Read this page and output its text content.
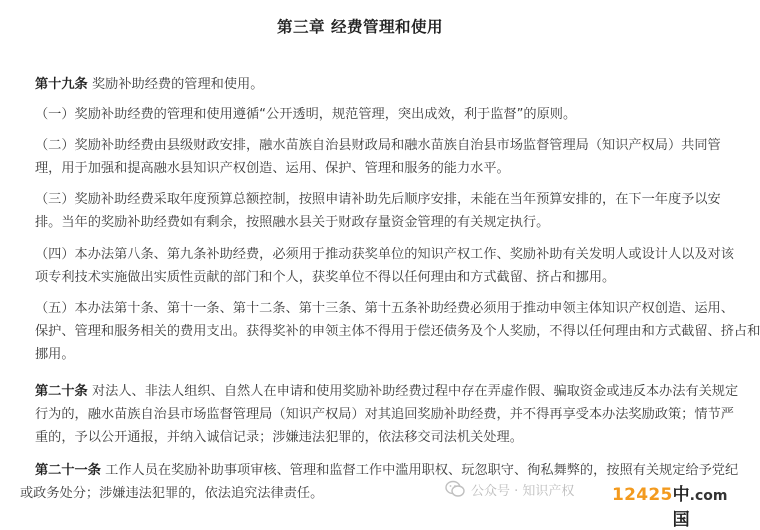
第三章 经费管理和使用
第十九条 奖励补助经费的管理和使用。
（一）奖励补助经费的管理和使用遵循“公开透明，规范管理，突出成效，利于监督”的原则。
（二）奖励补助经费由县级财政安排，融水苗族自治县财政局和融水苗族自治县市场监督管理局（知识产权局）共同管
理，用于加强和提高融水县知识产权创造、运用、保护、管理和服务的能力水平。
（三）奖励补助经费采取年度预算总额控制，按照申请补助先后顺序安排，未能在当年预算安排的，在下一年度予以安
排。当年的奖励补助经费如有剩余，按照融水县关于财政存量资金管理的有关规定执行。
（四）本办法第八条、第九条补助经费，必须用于推动获奖单位的知识产权工作、奖励补助有关发明人或设计人以及对该
项专利技术实施做出实质性贡献的部门和个人，获奖单位不得以任何理由和方式截留、挤占和挪用。
（五）本办法第十条、第十一条、第十二条、第十三条、第十五条补助经费必须用于推动申领主体知识产权创造、运用、
保护、管理和服务相关的费用支出。获得奖补的申领主体不得用于偿还债务及个人奖励，不得以任何理由和方式截留、挤占和
挪用。
第二十条 对法人、非法人组织、自然人在申请和使用奖励补助经费过程中存在弄虚作假、骗取资金或违反本办法有关规定
行为的，融水苗族自治县市场监督管理局（知识产权局）对其追回奖励补助经费，并不得再享受本办法奖励政策；情节严
重的，予以公开通报，并纳入诚信记录；涉嫌违法犯罪的，依法移交司法机关处理。
第二十一条 工作人员在奖励补助事项审核、管理和监督工作中滥用职权、玩忽职守、徇私舞弊的，按照有关规定给予党纪
或政务处分；涉嫌违法犯罪的，依法追究法律责任。	公众号 · 知识产权 12425 中国
.com
